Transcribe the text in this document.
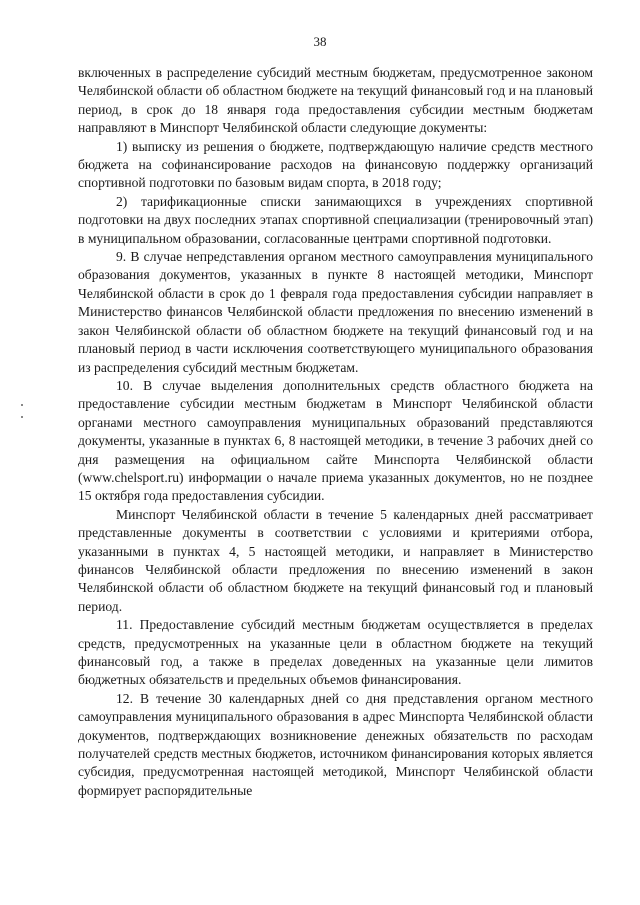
38

включенных в распределение субсидий местным бюджетам, предусмотренное законом Челябинской области об областном бюджете на текущий финансовый год и на плановый период, в срок до 18 января года предоставления субсидии местным бюджетам направляют в Минспорт Челябинской области следующие документы:

1) выписку из решения о бюджете, подтверждающую наличие средств местного бюджета на софинансирование расходов на финансовую поддержку организаций спортивной подготовки по базовым видам спорта, в 2018 году;

2) тарификационные списки занимающихся в учреждениях спортивной подготовки на двух последних этапах спортивной специализации (тренировочный этап) в муниципальном образовании, согласованные центрами спортивной подготовки.

9. В случае непредставления органом местного самоуправления муниципального образования документов, указанных в пункте 8 настоящей методики, Минспорт Челябинской области в срок до 1 февраля года предоставления субсидии направляет в Министерство финансов Челябинской области предложения по внесению изменений в закон Челябинской области об областном бюджете на текущий финансовый год и на плановый период в части исключения соответствующего муниципального образования из распределения субсидий местным бюджетам.

10. В случае выделения дополнительных средств областного бюджета на предоставление субсидии местным бюджетам в Минспорт Челябинской области органами местного самоуправления муниципальных образований представляются документы, указанные в пунктах 6, 8 настоящей методики, в течение 3 рабочих дней со дня размещения на официальном сайте Минспорта Челябинской области (www.chelsport.ru) информации о начале приема указанных документов, но не позднее 15 октября года предоставления субсидии.

Минспорт Челябинской области в течение 5 календарных дней рассматривает представленные документы в соответствии с условиями и критериями отбора, указанными в пунктах 4, 5 настоящей методики, и направляет в Министерство финансов Челябинской области предложения по внесению изменений в закон Челябинской области об областном бюджете на текущий финансовый год и плановый период.

11. Предоставление субсидий местным бюджетам осуществляется в пределах средств, предусмотренных на указанные цели в областном бюджете на текущий финансовый год, а также в пределах доведенных на указанные цели лимитов бюджетных обязательств и предельных объемов финансирования.

12. В течение 30 календарных дней со дня представления органом местного самоуправления муниципального образования в адрес Минспорта Челябинской области документов, подтверждающих возникновение денежных обязательств по расходам получателей средств местных бюджетов, источником финансирования которых является субсидия, предусмотренная настоящей методикой, Минспорт Челябинской области формирует распорядительные
